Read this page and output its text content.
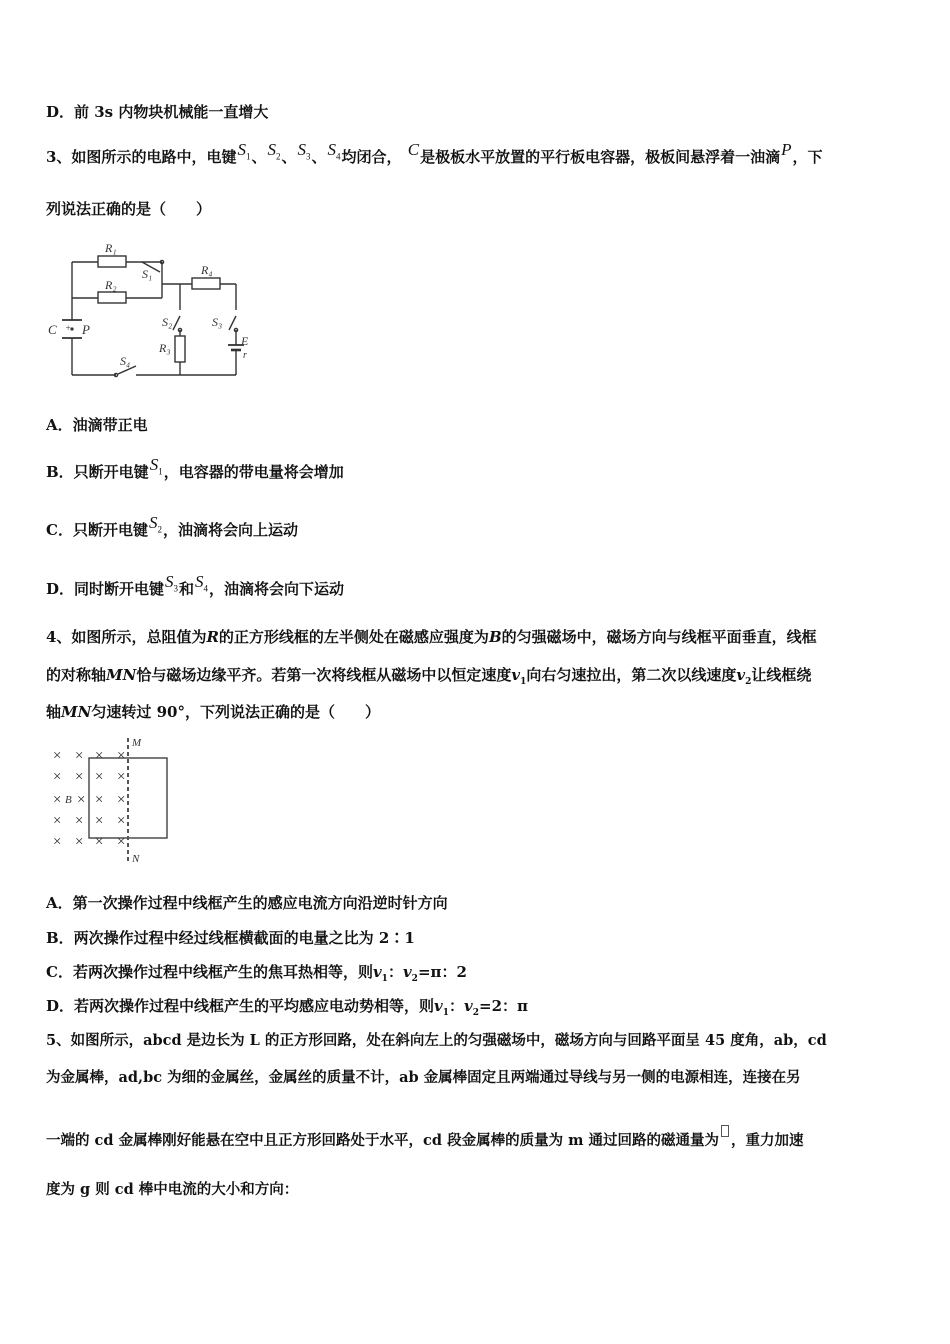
D．前 3s 内物块机械能一直增大
3、如图所示的电路中，电键$S_1$、$S_2$、$S_3$、$S_4$均闭合， C是极板水平放置的平行板电容器，极板间悬浮着一油滴P，下
列说法正确的是（　　）
R₁
R₂
R₄
S₁
S₂	S₃
S₄
R₃
C P
E
r
+
A．油滴带正电
B．只断开电键$S_1$，电容器的带电量将会增加
C．只断开电键$S_2$，油滴将会向上运动
D．同时断开电键$S_3$和$S_4$，油滴将会向下运动
4、如图所示，总阻值为R的正方形线框的左半侧处在磁感应强度为B的匀强磁场中，磁场方向与线框平面垂直，线框
的对称轴MN恰与磁场边缘平齐。若第一次将线框从磁场中以恒定速度$v_1$向右匀速拉出，第二次以线速度$v_2$让线框绕
轴MN匀速转过 90°，下列说法正确的是（　　）
× × × ×
× × × ×
× × × ×
× × × ×
× × × ×
M
N
B
A．第一次操作过程中线框产生的感应电流方向沿逆时针方向
B．两次操作过程中经过线框横截面的电量之比为 2∶1
C．若两次操作过程中线框产生的焦耳热相等，则$v_1$：$v_2=\pi$：2
D．若两次操作过程中线框产生的平均感应电动势相等，则$v_1$：$v_2=2$：π
5、如图所示，abcd 是边长为 L 的正方形回路，处在斜向左上的匀强磁场中，磁场方向与回路平面呈 45 度角，ab，cd
为金属棒，ad,bc 为细的金属丝，金属丝的质量不计，ab 金属棒固定且两端通过导线与另一侧的电源相连，连接在另
一端的 cd 金属棒刚好能悬在空中且正方形回路处于水平，cd 段金属棒的质量为 m 通过回路的磁通量为 ，重力加速
度为 g 则 cd 棒中电流的大小和方向：
